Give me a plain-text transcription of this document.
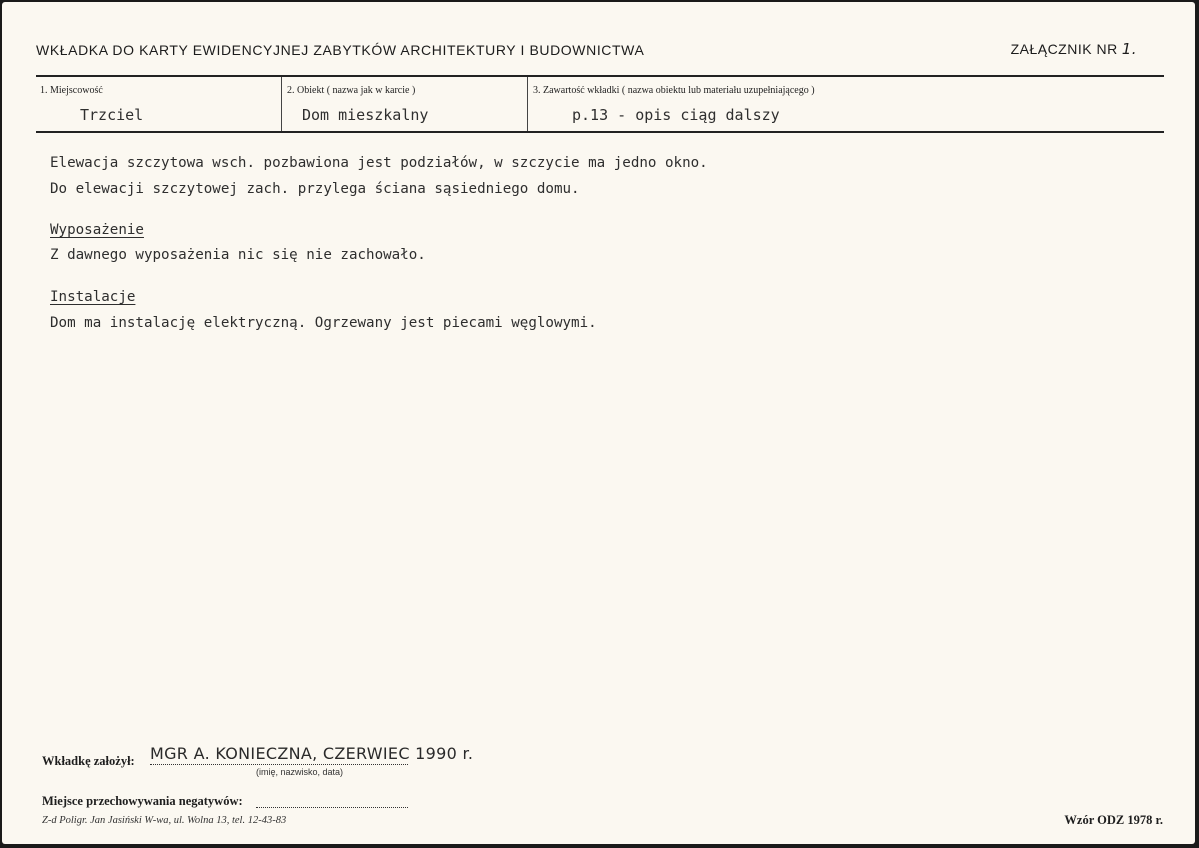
WKŁADKA DO KARTY EWIDENCYJNEJ ZABYTKÓW ARCHITEKTURY I BUDOWNICTWA	ZAŁĄCZNIK NR 1.
1. Miejscowość
Trzciel
2. Obiekt ( nazwa jak w karcie )
Dom mieszkalny
3. Zawartość wkładki ( nazwa obiektu lub materiału uzupełniającego )
p.13 - opis ciąg dalszy
Elewacja szczytowa wsch. pozbawiona jest podziałów, w szczycie ma jedno okno.
Do elewacji szczytowej zach. przylega ściana sąsiedniego domu.
Wyposażenie
Z dawnego wyposażenia nic się nie zachowało.
Instalacje
Dom ma instalację elektryczną. Ogrzewany jest piecami węglowymi.
Wkładkę założył: MGR A. KONIECZNA, CZERWIEC 1990 r.
(imię, nazwisko, data)
Miejsce przechowywania negatywów:
Z-d Poligr. Jan Jasiński W-wa, ul. Wolna 13, tel. 12-43-83	Wzór ODZ 1978 r.
